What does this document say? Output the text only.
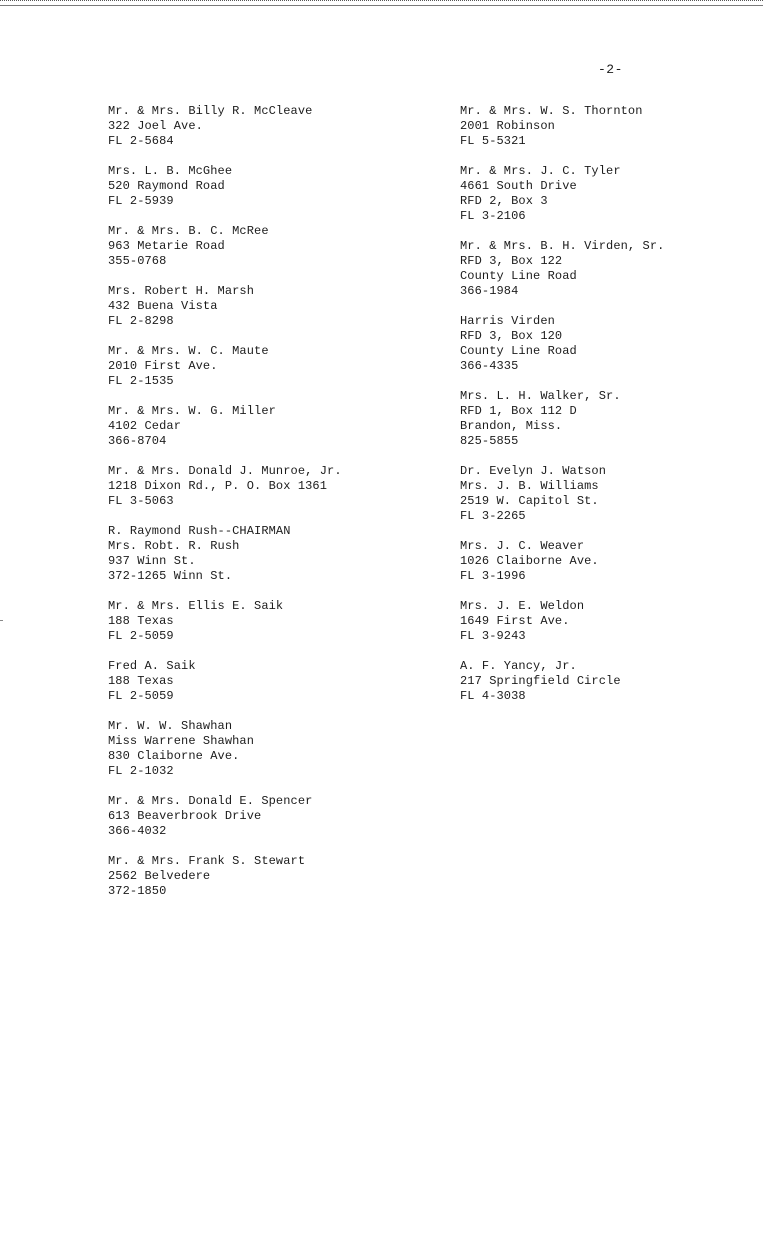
-2-
Mr. & Mrs. Billy R. McCleave
322 Joel Ave.
FL 2-5684
Mrs. L. B. McGhee
520 Raymond Road
FL 2-5939
Mr. & Mrs. B. C. McRee
963 Metarie Road
355-0768
Mrs. Robert H. Marsh
432 Buena Vista
FL 2-8298
Mr. & Mrs. W. C. Maute
2010 First Ave.
FL 2-1535
Mr. & Mrs. W. G. Miller
4102 Cedar
366-8704
Mr. & Mrs. Donald J. Munroe, Jr.
1218 Dixon Rd., P. O. Box 1361
FL 3-5063
R. Raymond Rush--CHAIRMAN
Mrs. Robt. R. Rush
937 Winn St.
372-1265 Winn St.
Mr. & Mrs. Ellis E. Saik
188 Texas
FL 2-5059
Fred A. Saik
188 Texas
FL 2-5059
Mr. W. W. Shawhan
Miss Warrene Shawhan
830 Claiborne Ave.
FL 2-1032
Mr. & Mrs. Donald E. Spencer
613 Beaverbrook Drive
366-4032
Mr. & Mrs. Frank S. Stewart
2562 Belvedere
372-1850
Mr. & Mrs. W. S. Thornton
2001 Robinson
FL 5-5321
Mr. & Mrs. J. C. Tyler
4661 South Drive
RFD 2, Box 3
FL 3-2106
Mr. & Mrs. B. H. Virden, Sr.
RFD 3, Box 122
County Line Road
366-1984
Harris Virden
RFD 3, Box 120
County Line Road
366-4335
Mrs. L. H. Walker, Sr.
RFD 1, Box 112 D
Brandon, Miss.
825-5855
Dr. Evelyn J. Watson
Mrs. J. B. Williams
2519 W. Capitol St.
FL 3-2265
Mrs. J. C. Weaver
1026 Claiborne Ave.
FL 3-1996
Mrs. J. E. Weldon
1649 First Ave.
FL 3-9243
A. F. Yancy, Jr.
217 Springfield Circle
FL 4-3038
